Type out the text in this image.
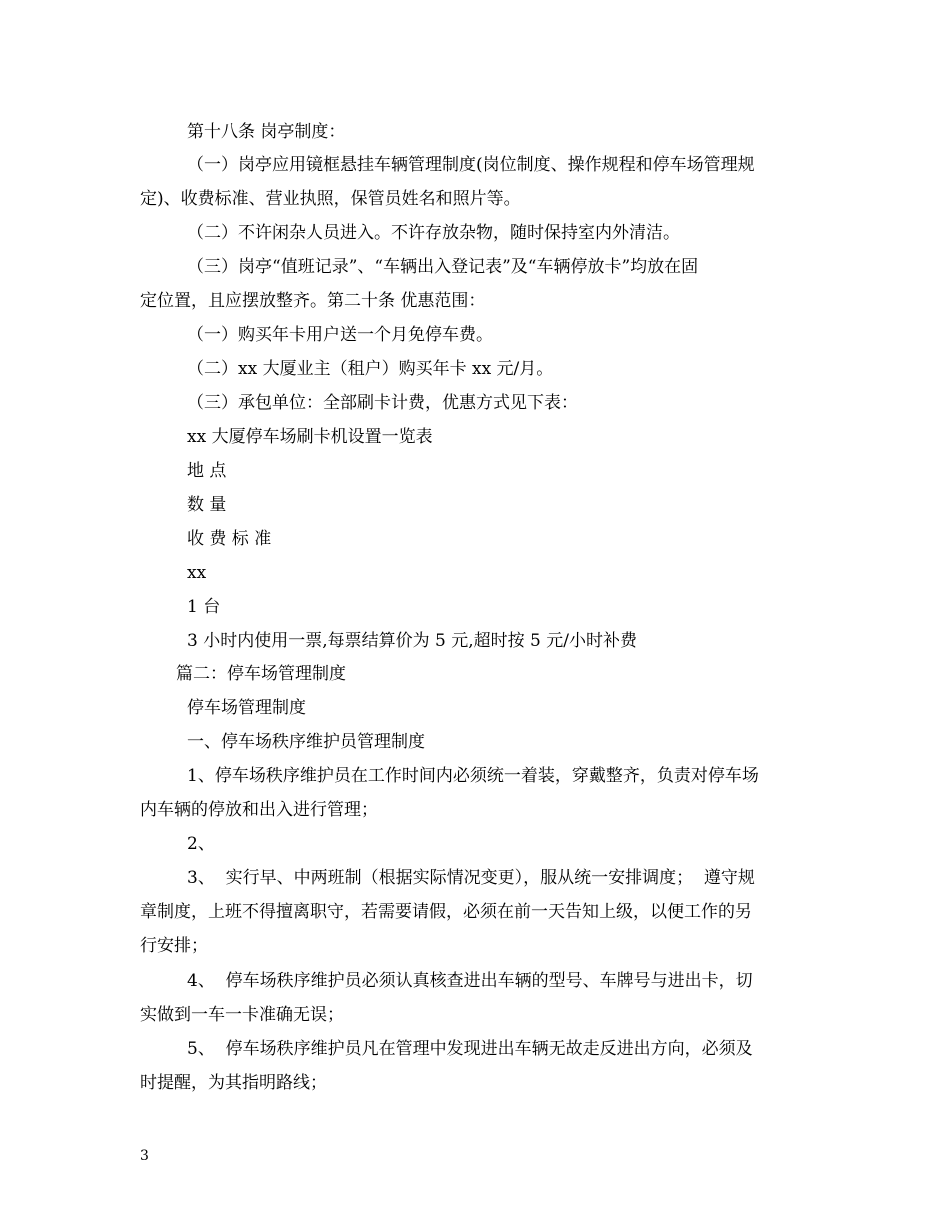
第十八条 岗亭制度：
（一）岗亭应用镜框悬挂车辆管理制度(岗位制度、操作规程和停车场管理规
定)、收费标准、营业执照，保管员姓名和照片等。
（二）不许闲杂人员进入。不许存放杂物，随时保持室内外清洁。
（三）岗亭“值班记录”、“车辆出入登记表”及“车辆停放卡”均放在固
定位置，且应摆放整齐。第二十条 优惠范围：
（一）购买年卡用户送一个月免停车费。
（二）xx 大厦业主（租户）购买年卡 xx 元/月。
（三）承包单位：全部刷卡计费，优惠方式见下表：
xx 大厦停车场刷卡机设置一览表
地 点
数 量
收 费 标 准
xx
1 台
3 小时内使用一票,每票结算价为 5 元,超时按 5 元/小时补费
篇二：停车场管理制度
停车场管理制度
一、停车场秩序维护员管理制度
1、停车场秩序维护员在工作时间内必须统一着装，穿戴整齐，负责对停车场
内车辆的停放和出入进行管理；
2、
3、  实行早、中两班制（根据实际情况变更），服从统一安排调度；  遵守规
章制度，上班不得擅离职守，若需要请假，必须在前一天告知上级，以便工作的另
行安排；
4、  停车场秩序维护员必须认真核查进出车辆的型号、车牌号与进出卡，切
实做到一车一卡准确无误；
5、  停车场秩序维护员凡在管理中发现进出车辆无故走反进出方向，必须及
时提醒，为其指明路线；
3
